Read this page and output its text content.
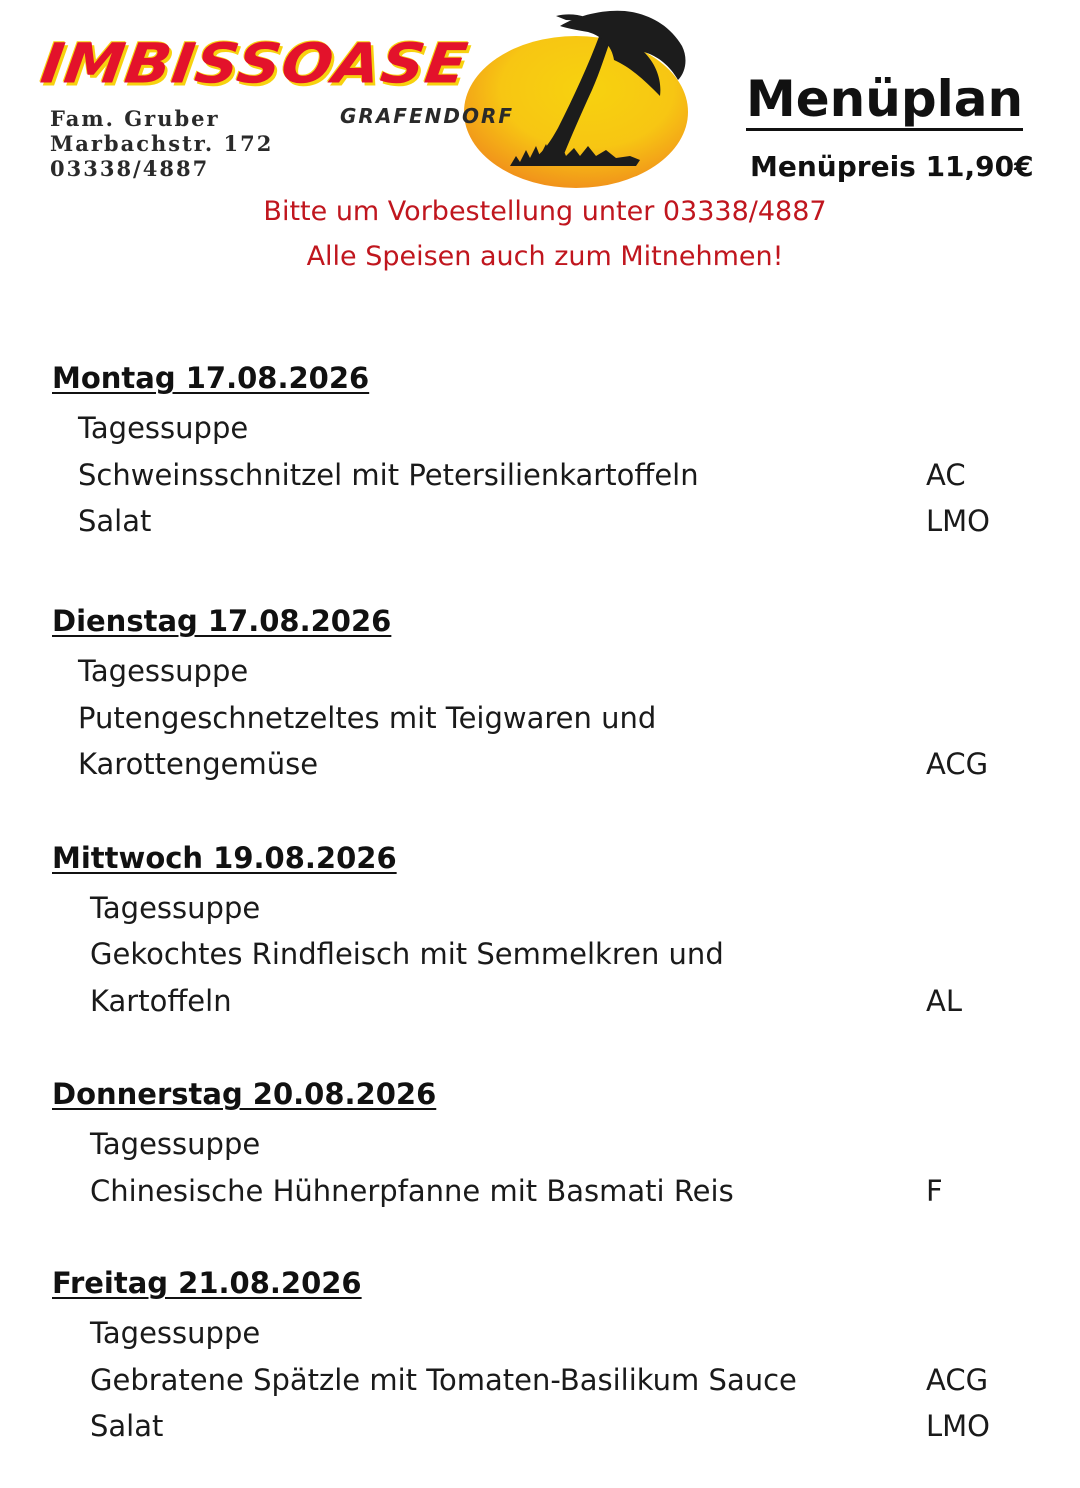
IMBISSOASE
GRAFENDORF
Fam. Gruber
Marbachstr. 172
03338/4887
Menüplan
Menüpreis 11,90€
Bitte um Vorbestellung unter 03338/4887
Alle Speisen auch zum Mitnehmen!
Montag 17.08.2026
Tagessuppe
Schweinsschnitzel mit Petersilienkartoffeln	AC
Salat	LMO
Dienstag 17.08.2026
Tagessuppe
Putengeschnetzeltes mit Teigwaren und
Karottengemüse	ACG
Mittwoch 19.08.2026
Tagessuppe
Gekochtes Rindfleisch mit Semmelkren und
Kartoffeln	AL
Donnerstag 20.08.2026
Tagessuppe
Chinesische Hühnerpfanne mit Basmati Reis	F
Freitag 21.08.2026
Tagessuppe
Gebratene Spätzle mit Tomaten-Basilikum Sauce	ACG
Salat	LMO
